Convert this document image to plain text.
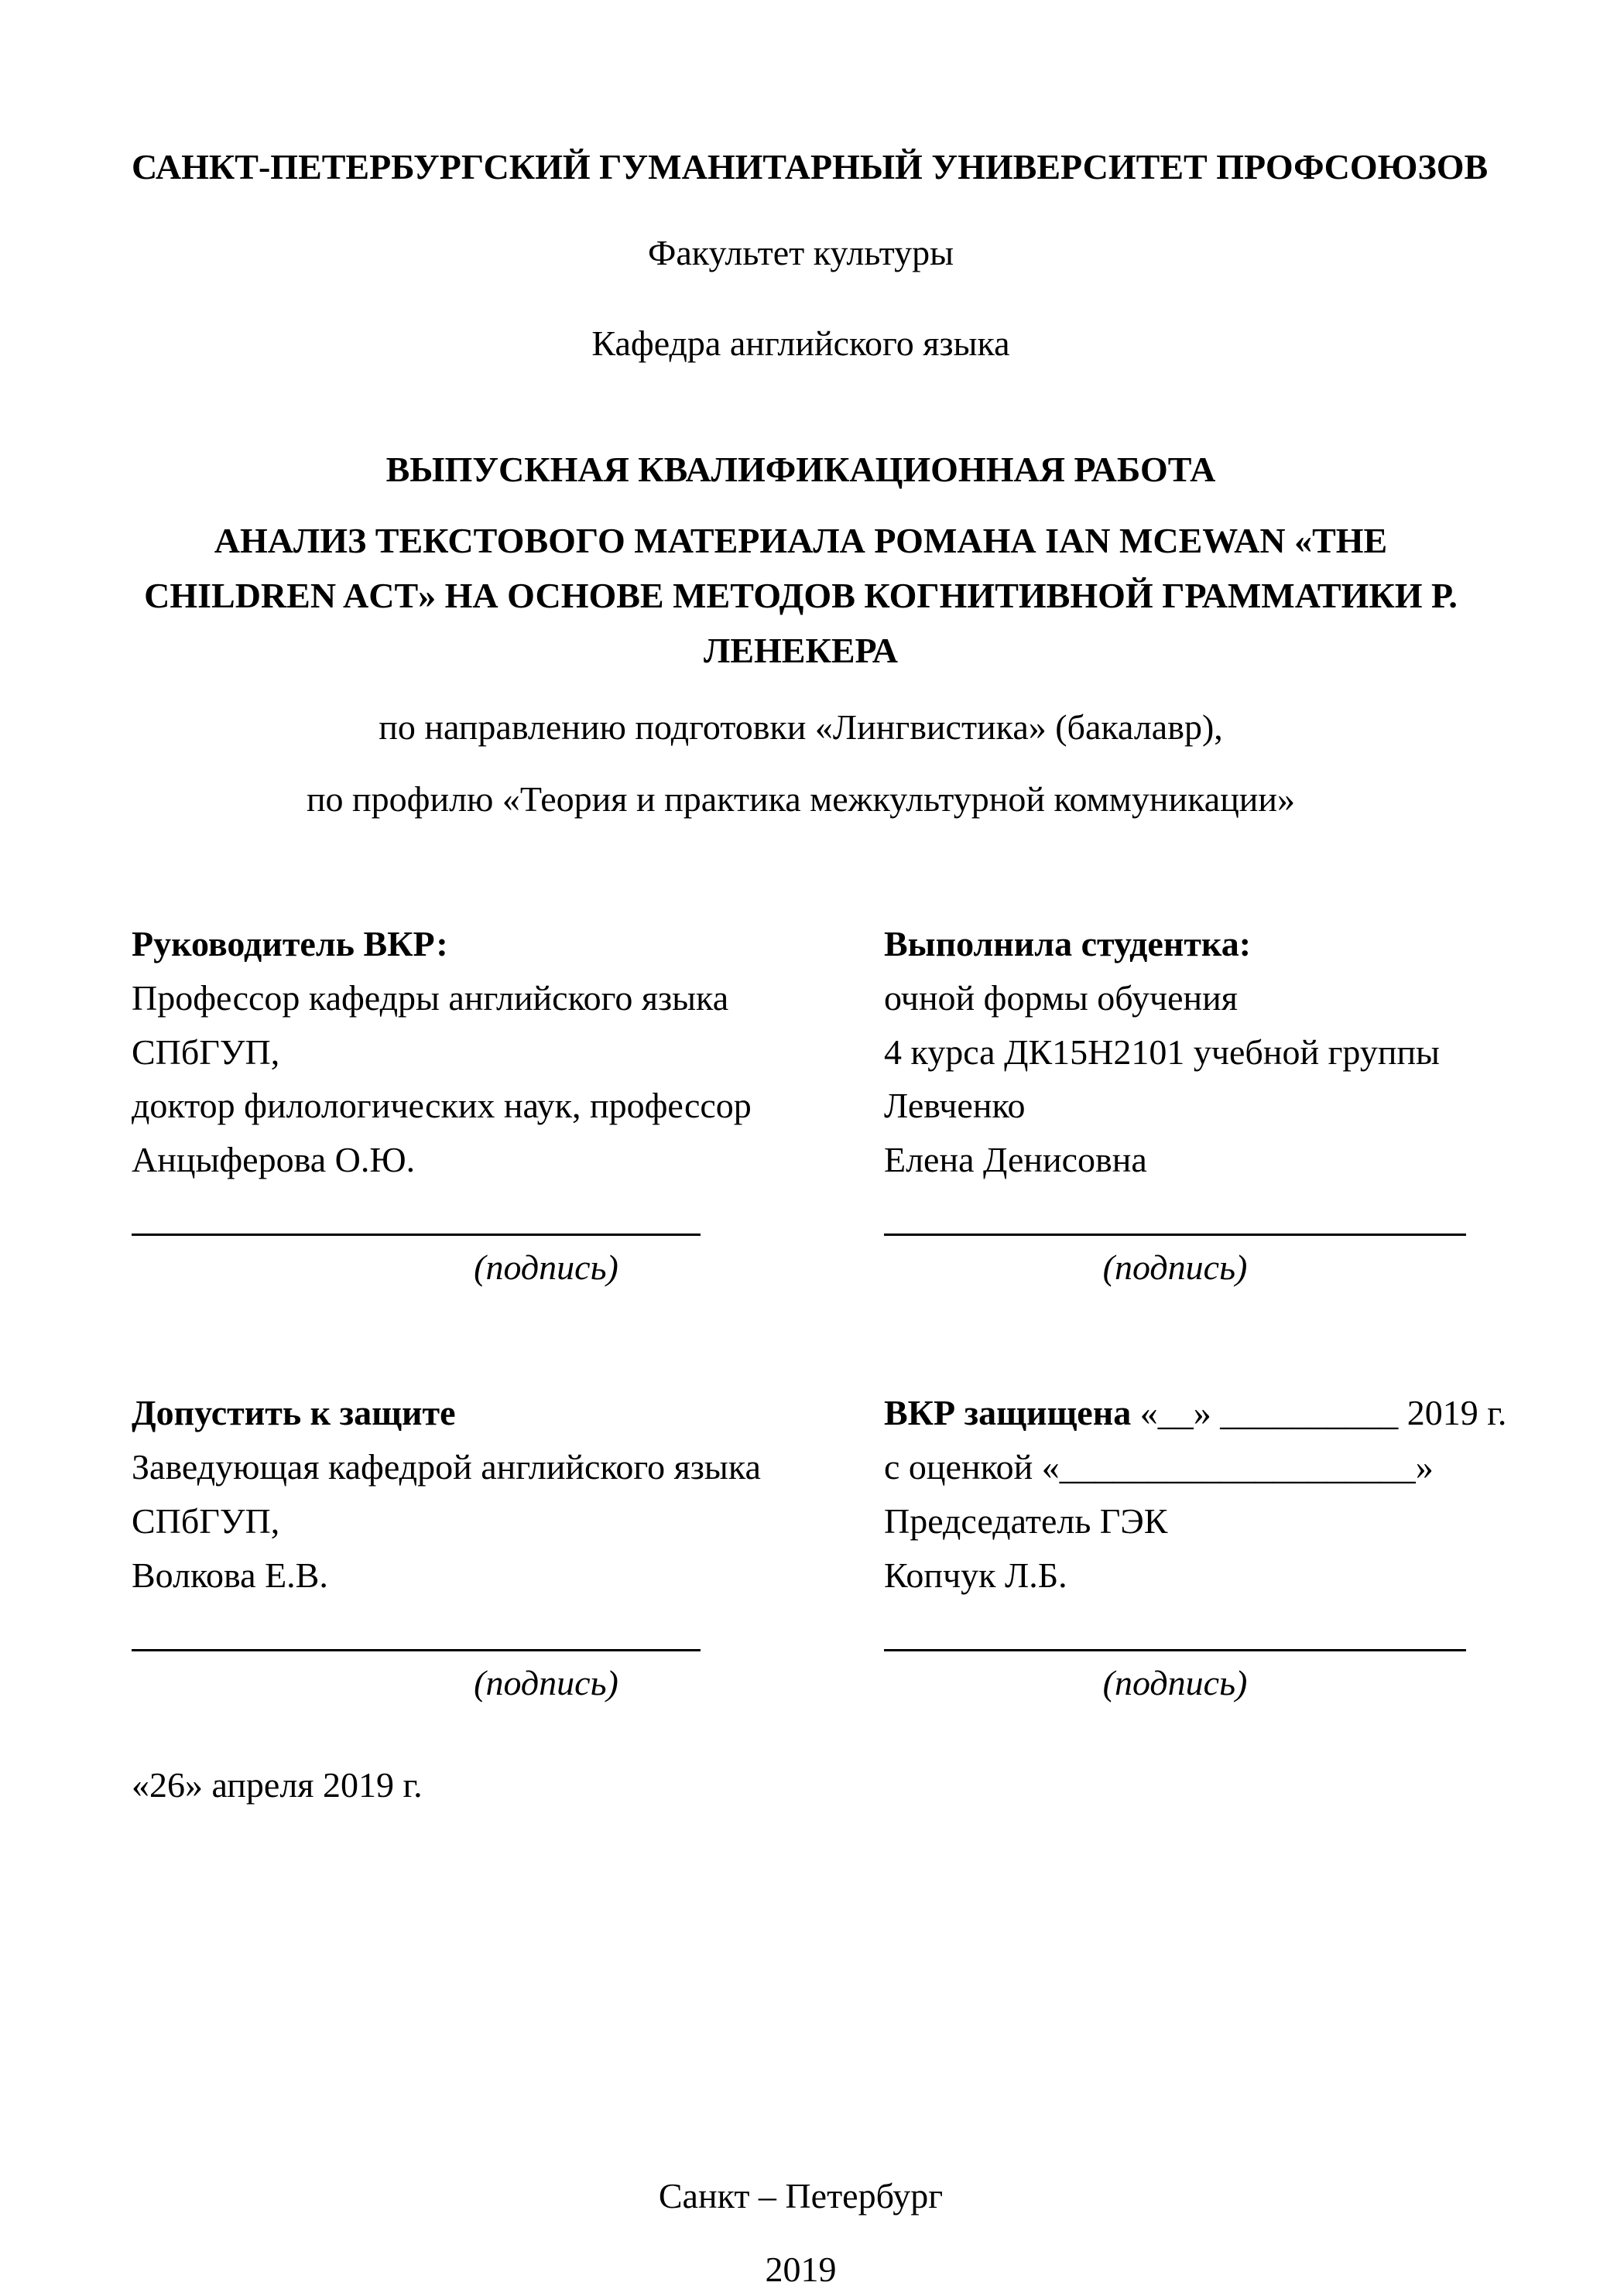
САНКТ-ПЕТЕРБУРГСКИЙ ГУМАНИТАРНЫЙ УНИВЕРСИТЕТ ПРОФСОЮЗОВ

Факультет культуры

Кафедра английского языка

ВЫПУСКНАЯ КВАЛИФИКАЦИОННАЯ РАБОТА
АНАЛИЗ ТЕКСТОВОГО МАТЕРИАЛА РОМАНА IAN MCEWAN «THE CHILDREN ACT» НА ОСНОВЕ МЕТОДОВ КОГНИТИВНОЙ ГРАММАТИКИ Р. ЛЕНЕКЕРА

по направлению подготовки «Лингвистика» (бакалавр),

по профилю «Теория и практика межкультурной коммуникации»

Руководитель ВКР:

Профессор кафедры английского языка

СПбГУП,

доктор филологических наук, профессор

Анцыферова О.Ю.

(подпись)

Выполнила студентка:

очной формы обучения

4 курса ДК15Н2101 учебной группы

Левченко

Елена Денисовна

(подпись)

Допустить к защите

Заведующая кафедрой английского языка

СПбГУП,

Волкова Е.В.

(подпись)

ВКР защищена «__» __________ 2019 г.

с оценкой «____________________»

Председатель ГЭК

Копчук Л.Б.

(подпись)

«26» апреля 2019 г.

Санкт – Петербург

2019
